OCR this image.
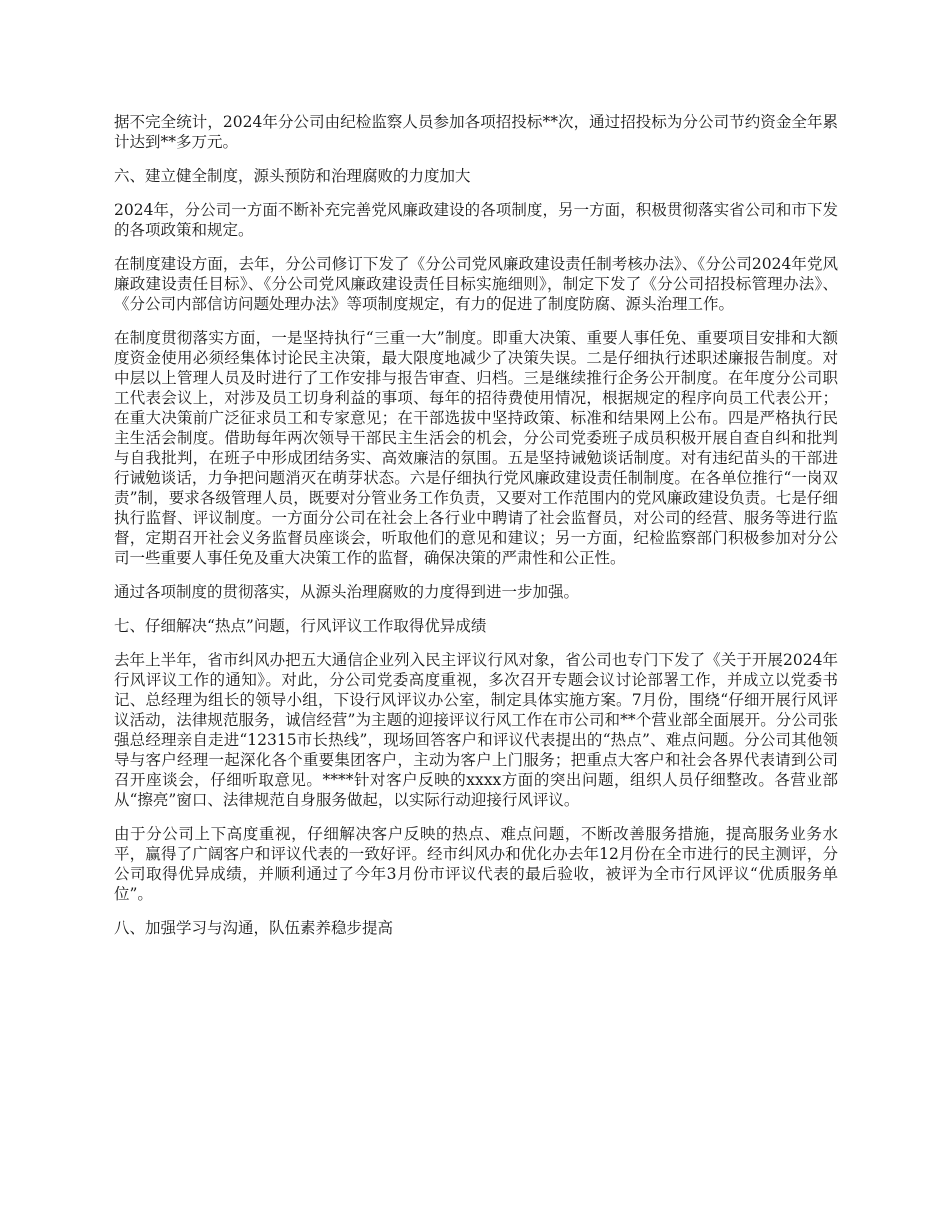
据不完全统计，2024年分公司由纪检监察人员参加各项招投标**次，通过招投标为分公司节约资金全年累计达到**多万元。

六、建立健全制度，源头预防和治理腐败的力度加大

2024年，分公司一方面不断补充完善党风廉政建设的各项制度，另一方面，积极贯彻落实省公司和市下发的各项政策和规定。

在制度建设方面，去年，分公司修订下发了《分公司党风廉政建设责任制考核办法》、《分公司2024年党风廉政建设责任目标》、《分公司党风廉政建设责任目标实施细则》，制定下发了《分公司招投标管理办法》、《分公司内部信访问题处理办法》等项制度规定，有力的促进了制度防腐、源头治理工作。

在制度贯彻落实方面，一是坚持执行“三重一大”制度。即重大决策、重要人事任免、重要项目安排和大额度资金使用必须经集体讨论民主决策，最大限度地减少了决策失误。二是仔细执行述职述廉报告制度。对中层以上管理人员及时进行了工作安排与报告审查、归档。三是继续推行企务公开制度。在年度分公司职工代表会议上，对涉及员工切身利益的事项、每年的招待费使用情况，根据规定的程序向员工代表公开；在重大决策前广泛征求员工和专家意见；在干部选拔中坚持政策、标准和结果网上公布。四是严格执行民主生活会制度。借助每年两次领导干部民主生活会的机会，分公司党委班子成员积极开展自查自纠和批判与自我批判，在班子中形成团结务实、高效廉洁的氛围。五是坚持诫勉谈话制度。对有违纪苗头的干部进行诫勉谈话，力争把问题消灭在萌芽状态。六是仔细执行党风廉政建设责任制制度。在各单位推行“一岗双责”制，要求各级管理人员，既要对分管业务工作负责，又要对工作范围内的党风廉政建设负责。七是仔细执行监督、评议制度。一方面分公司在社会上各行业中聘请了社会监督员，对公司的经营、服务等进行监督，定期召开社会义务监督员座谈会，听取他们的意见和建议；另一方面，纪检监察部门积极参加对分公司一些重要人事任免及重大决策工作的监督，确保决策的严肃性和公正性。

通过各项制度的贯彻落实，从源头治理腐败的力度得到进一步加强。

七、仔细解决“热点”问题，行风评议工作取得优异成绩

去年上半年，省市纠风办把五大通信企业列入民主评议行风对象，省公司也专门下发了《关于开展2024年行风评议工作的通知》。对此，分公司党委高度重视，多次召开专题会议讨论部署工作，并成立以党委书记、总经理为组长的领导小组，下设行风评议办公室，制定具体实施方案。7月份，围绕“仔细开展行风评议活动，法律规范服务，诚信经营”为主题的迎接评议行风工作在市公司和**个营业部全面展开。分公司张强总经理亲自走进“12315市长热线”，现场回答客户和评议代表提出的“热点”、难点问题。分公司其他领导与客户经理一起深化各个重要集团客户，主动为客户上门服务；把重点大客户和社会各界代表请到公司召开座谈会，仔细听取意见。****针对客户反映的xxxx方面的突出问题，组织人员仔细整改。各营业部从“擦亮”窗口、法律规范自身服务做起，以实际行动迎接行风评议。

由于分公司上下高度重视，仔细解决客户反映的热点、难点问题，不断改善服务措施，提高服务业务水平，赢得了广阔客户和评议代表的一致好评。经市纠风办和优化办去年12月份在全市进行的民主测评，分公司取得优异成绩，并顺利通过了今年3月份市评议代表的最后验收，被评为全市行风评议“优质服务单位”。

八、加强学习与沟通，队伍素养稳步提高
